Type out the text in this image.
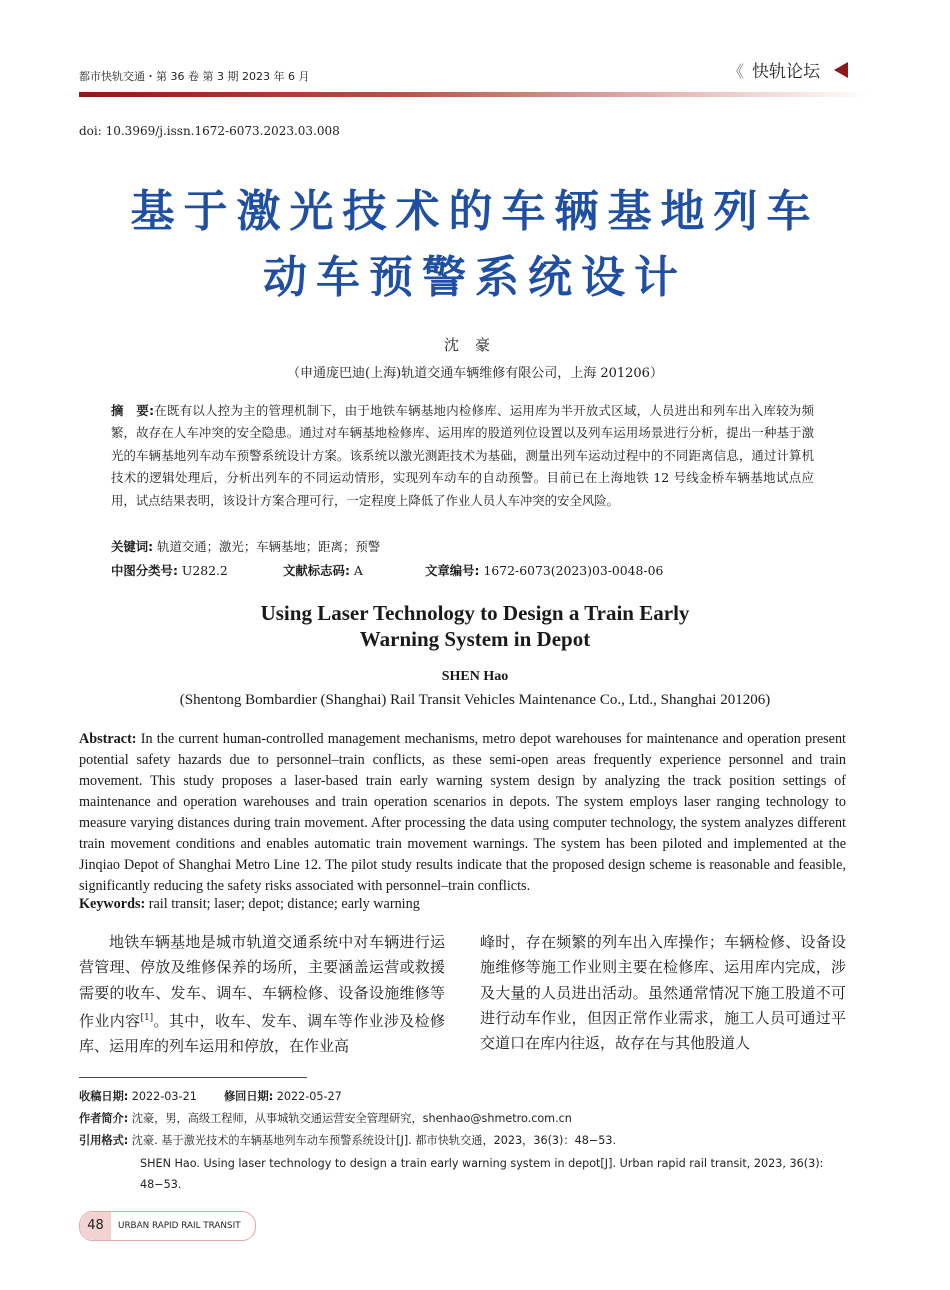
都市快轨交通・第 36 卷 第 3 期 2023 年 6 月	《 快轨论坛
doi: 10.3969/j.issn.1672-6073.2023.03.008
基于激光技术的车辆基地列车
动车预警系统设计
沈豪
（申通庞巴迪(上海)轨道交通车辆维修有限公司，上海 201206）
摘　要:在既有以人控为主的管理机制下，由于地铁车辆基地内检修库、运用库为半开放式区域，人员进出和列车出入库较为频繁，故存在人车冲突的安全隐患。通过对车辆基地检修库、运用库的股道列位设置以及列车运用场景进行分析，提出一种基于激光的车辆基地列车动车预警系统设计方案。该系统以激光测距技术为基础，测量出列车运动过程中的不同距离信息，通过计算机技术的逻辑处理后，分析出列车的不同运动情形，实现列车动车的自动预警。目前已在上海地铁 12 号线金桥车辆基地试点应用，试点结果表明，该设计方案合理可行，一定程度上降低了作业人员人车冲突的安全风险。
关键词: 轨道交通；激光；车辆基地；距离；预警
中图分类号: U282.2	文献标志码: A	文章编号: 1672-6073(2023)03-0048-06
Using Laser Technology to Design a Train Early
Warning System in Depot
SHEN Hao
(Shentong Bombardier (Shanghai) Rail Transit Vehicles Maintenance Co., Ltd., Shanghai 201206)
Abstract: In the current human-controlled management mechanisms, metro depot warehouses for maintenance and operation present potential safety hazards due to personnel–train conflicts, as these semi-open areas frequently experience personnel and train movement. This study proposes a laser-based train early warning system design by analyzing the track position settings of maintenance and operation warehouses and train operation scenarios in depots. The system employs laser ranging technology to measure varying distances during train movement. After processing the data using computer technology, the system analyzes different train movement conditions and enables automatic train movement warnings. The system has been piloted and implemented at the Jinqiao Depot of Shanghai Metro Line 12. The pilot study results indicate that the proposed design scheme is reasonable and feasible, significantly reducing the safety risks associated with personnel–train conflicts.
Keywords: rail transit; laser; depot; distance; early warning
地铁车辆基地是城市轨道交通系统中对车辆进行运营管理、停放及维修保养的场所，主要涵盖运营或救援需要的收车、发车、调车、车辆检修、设备设施维修等作业内容[1]。其中，收车、发车、调车等作业涉及检修库、运用库的列车运用和停放，在作业高
峰时，存在频繁的列车出入库操作；车辆检修、设备设施维修等施工作业则主要在检修库、运用库内完成，涉及大量的人员进出活动。虽然通常情况下施工股道不可进行动车作业，但因正常作业需求，施工人员可通过平交道口在库内往返，故存在与其他股道人
收稿日期: 2022-03-21 修回日期: 2022-05-27
作者简介: 沈豪，男，高级工程师，从事城轨交通运营安全管理研究，shenhao@shmetro.com.cn
引用格式: 沈豪. 基于激光技术的车辆基地列车动车预警系统设计[J]. 都市快轨交通，2023，36(3)：48−53.
SHEN Hao. Using laser technology to design a train early warning system in depot[J]. Urban rapid rail transit, 2023, 36(3): 48−53.
48	URBAN RAPID RAIL TRANSIT
